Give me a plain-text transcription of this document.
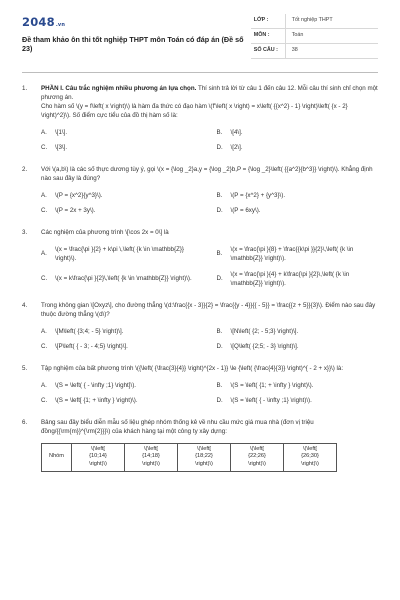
2048.vn
Đề tham khảo ôn thi tốt nghiệp THPT môn Toán có đáp án (Đề số 23)
LỚP :	Tốt nghiệp THPT
MÔN :	Toán
SỐ CÂU :	38
1.	PHẦN I. Câu trắc nghiệm nhiều phương án lựa chọn. Thí sinh trả lời từ câu 1 đến câu 12. Mỗi câu thí sinh chỉ chọn một phương án.
Cho hàm số \(y = f\left( x \right)\) là hàm đa thức có đạo hàm \(f'\left( x \right) = x\left( {{x^2} - 1} \right)\left( {x - 2} \right)^2}\). Số điểm cực tiểu của đồ thị hàm số là:
A.	\[1\].	B.	\[4\].
C.	\[3\].	D.	\[2\].
2.	Với \(a,b\) là các số thực dương tùy ý, gọi \(x = {\log _2}a,y = {\log _2}b,P = {\log _2}\left( {{a^2}{b^3}} \right)\). Khẳng định nào sau đây là đúng?
A.	\(P = {x^2}{y^3}\).	B.	\(P = {x^2} + {y^3}\).
C.	\(P = 2x + 3y\).	D.	\(P = 6xy\).
3.	Các nghiệm của phương trình \[\cos 2x = 0\] là
A.
\(x = \frac{\pi }{2} + k\pi \,\left( {k \in \mathbb{Z}} \right)\).
B.
\(x = \frac{\pi }{8} + \frac{{k\pi }}{2}\,\left( {k \in \mathbb{Z}} \right)\).
C.	\(x = k\frac{\pi }{2}\,\left( {k \in \mathbb{Z}} \right)\).	D.
\(x = \frac{\pi }{4} + k\frac{\pi }{2}\,\left( {k \in \mathbb{Z}} \right)\).
4.	Trong không gian \[Oxyz\], cho đường thẳng \(d:\frac{{x - 3}}{2} = \frac{{y - 4}}{{ - 5}} = \frac{{z + 5}}{3}\). Điểm nào sau đây thuộc đường thẳng \(d\)?
A.	\[M\left( {3;4; - 5} \right)\].	B.	\[N\left( {2; - 5;3} \right)\].
C.	\[P\left( { - 3; - 4;5} \right)\].	D.	\[Q\left( {2;5; - 3} \right)\].
5.	Tập nghiệm của bất phương trình \({\left( {\frac{3}{4}} \right)^{2x - 1}} \le {\left( {\frac{4}{3}} \right)^{ - 2 + x}}\) là:
A.	\(S = \left( { - \infty ;1} \right]\).	B.	\(S = \left( {1; + \infty } \right)\).
C.	\(S = \left[ {1; + \infty } \right)\).	D.	\(S = \left( { - \infty ;1} \right)\).
6.	Bảng sau đây biểu diễn mẫu số liệu ghép nhóm thống kê về nhu cầu mức giá mua nhà (đơn vị triệu đồng/{{\rm{m}}^{\rm{2}}}\) của khách hàng tại một công ty xây dựng:
Nhóm	
\(\left[
{10;14}
\right)\)

\(\left[
{14;18}
\right)\)

\(\left[
{18;22}
\right)\)

\(\left[
{22;26}
\right)\)

\(\left[
{26;30}
\right)\)
